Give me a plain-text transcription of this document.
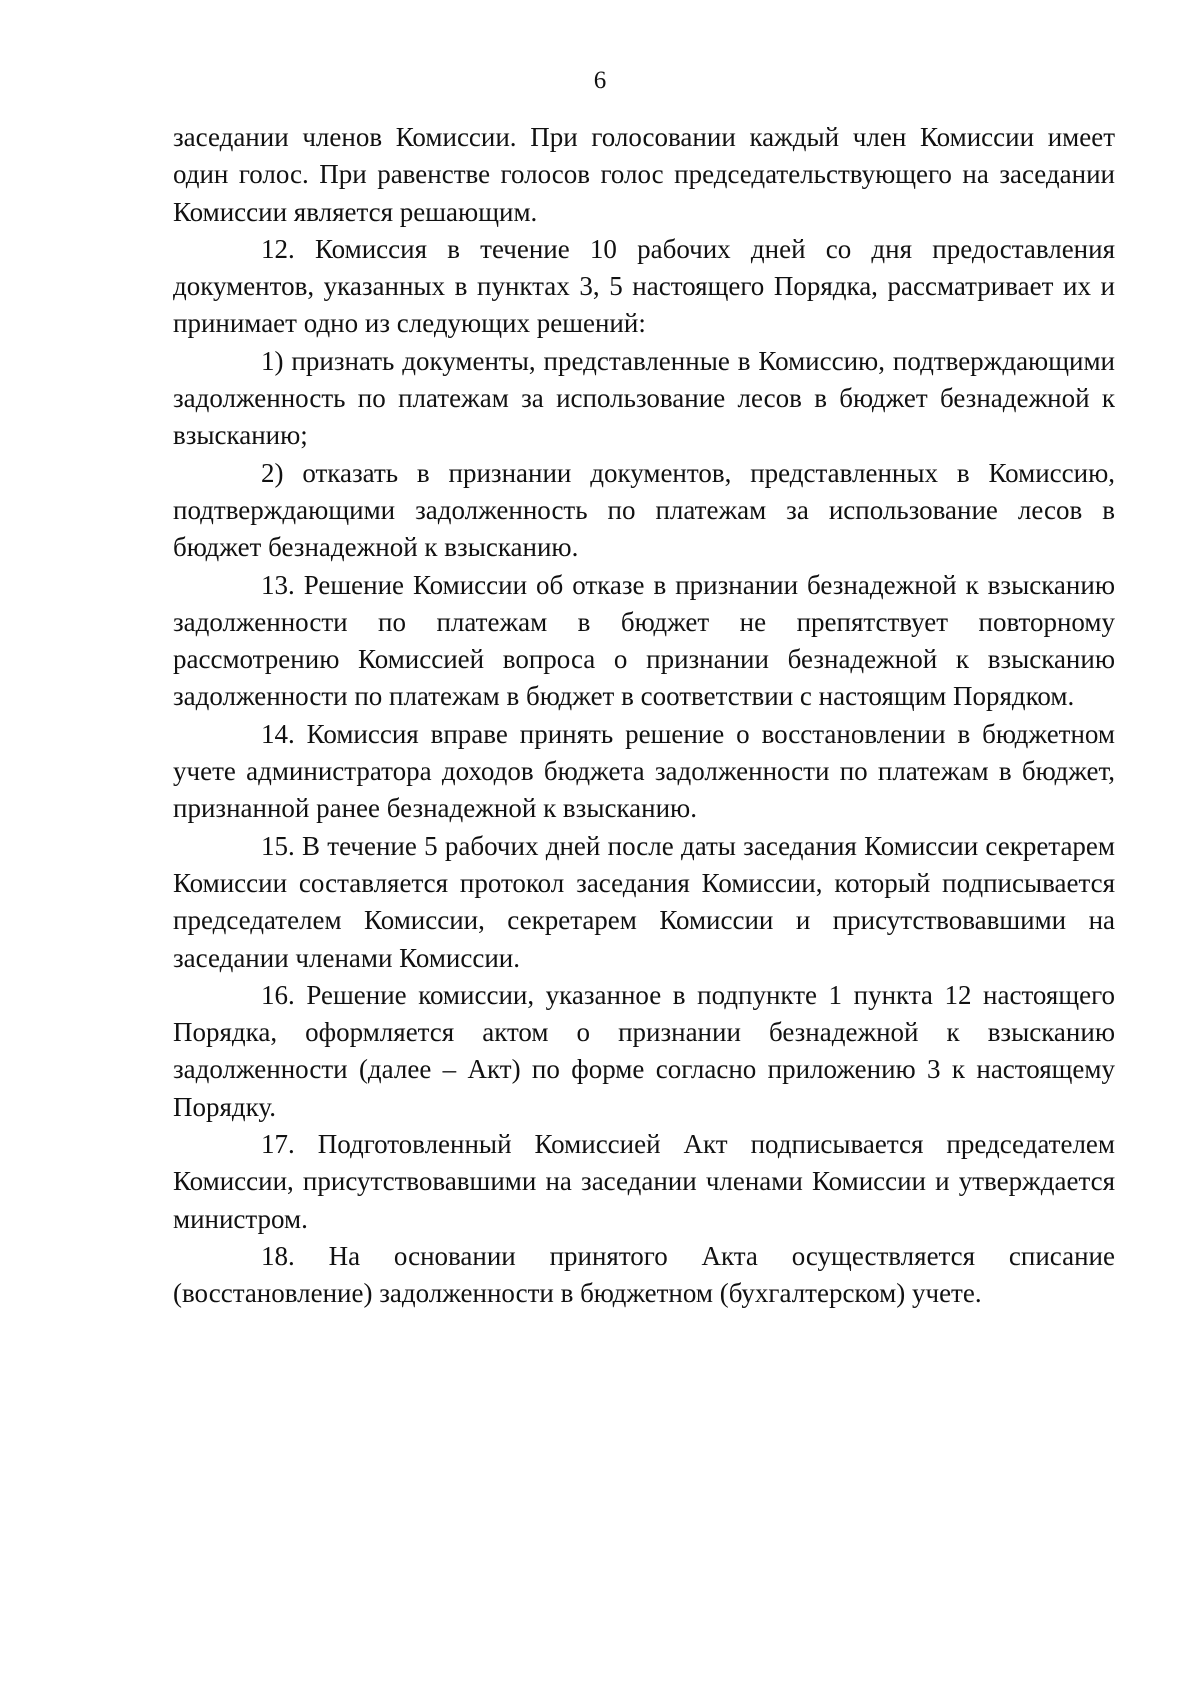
6

заседании членов Комиссии. При голосовании каждый член Комиссии имеет один голос. При равенстве голосов голос председательствующего на заседании Комиссии является решающим.

12. Комиссия в течение 10 рабочих дней со дня предоставления документов, указанных в пунктах 3, 5 настоящего Порядка, рассматривает их и принимает одно из следующих решений:

1) признать документы, представленные в Комиссию, подтверждающими задолженность по платежам за использование лесов в бюджет безнадежной к взысканию;

2) отказать в признании документов, представленных в Комиссию, подтверждающими задолженность по платежам за использование лесов в бюджет безнадежной к взысканию.

13. Решение Комиссии об отказе в признании безнадежной к взысканию задолженности по платежам в бюджет не препятствует повторному рассмотрению Комиссией вопроса о признании безнадежной к взысканию задолженности по платежам в бюджет в соответствии с настоящим Порядком.

14. Комиссия вправе принять решение о восстановлении в бюджетном учете администратора доходов бюджета задолженности по платежам в бюджет, признанной ранее безнадежной к взысканию.

15. В течение 5 рабочих дней после даты заседания Комиссии секретарем Комиссии составляется протокол заседания Комиссии, который подписывается председателем Комиссии, секретарем Комиссии и присутствовавшими на заседании членами Комиссии.

16. Решение комиссии, указанное в подпункте 1 пункта 12 настоящего Порядка, оформляется актом о признании безнадежной к взысканию задолженности (далее – Акт) по форме согласно приложению 3 к настоящему Порядку.

17. Подготовленный Комиссией Акт подписывается председателем Комиссии, присутствовавшими на заседании членами Комиссии и утверждается министром.

18. На основании принятого Акта осуществляется списание (восстановление) задолженности в бюджетном (бухгалтерском) учете.
